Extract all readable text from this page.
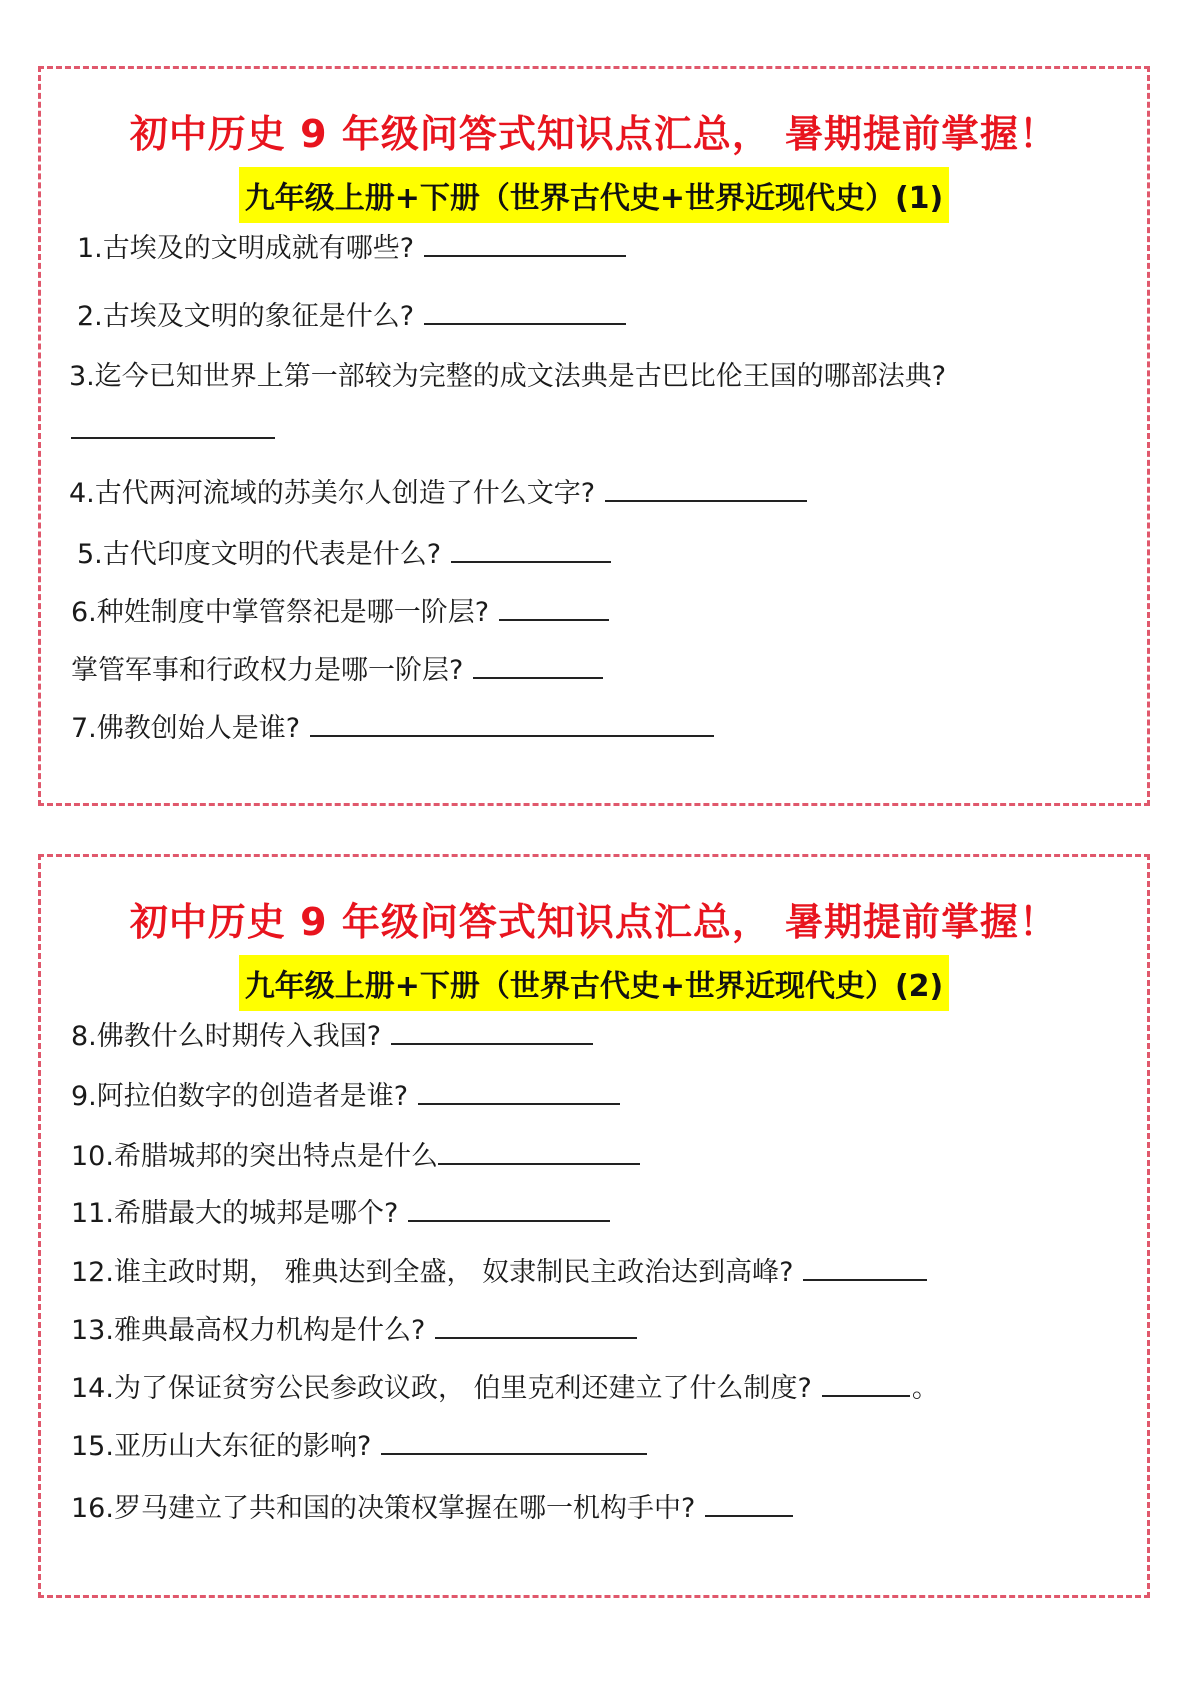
初中历史 9 年级问答式知识点汇总， 暑期提前掌握！
九年级上册+下册（世界古代史+世界近现代史）(1)
1.古埃及的文明成就有哪些?
2.古埃及文明的象征是什么?
3.迄今已知世界上第一部较为完整的成文法典是古巴比伦王国的哪部法典?
4.古代两河流域的苏美尔人创造了什么文字?
5.古代印度文明的代表是什么?
6.种姓制度中掌管祭祀是哪一阶层?
掌管军事和行政权力是哪一阶层?
7.佛教创始人是谁?
初中历史 9 年级问答式知识点汇总， 暑期提前掌握！
九年级上册+下册（世界古代史+世界近现代史）(2)
8.佛教什么时期传入我国?
9.阿拉伯数字的创造者是谁?
10.希腊城邦的突出特点是什么
11.希腊最大的城邦是哪个?
12.谁主政时期， 雅典达到全盛， 奴隶制民主政治达到高峰?
13.雅典最高权力机构是什么?
14.为了保证贫穷公民参政议政， 伯里克利还建立了什么制度?	。
15.亚历山大东征的影响?
16.罗马建立了共和国的决策权掌握在哪一机构手中?
